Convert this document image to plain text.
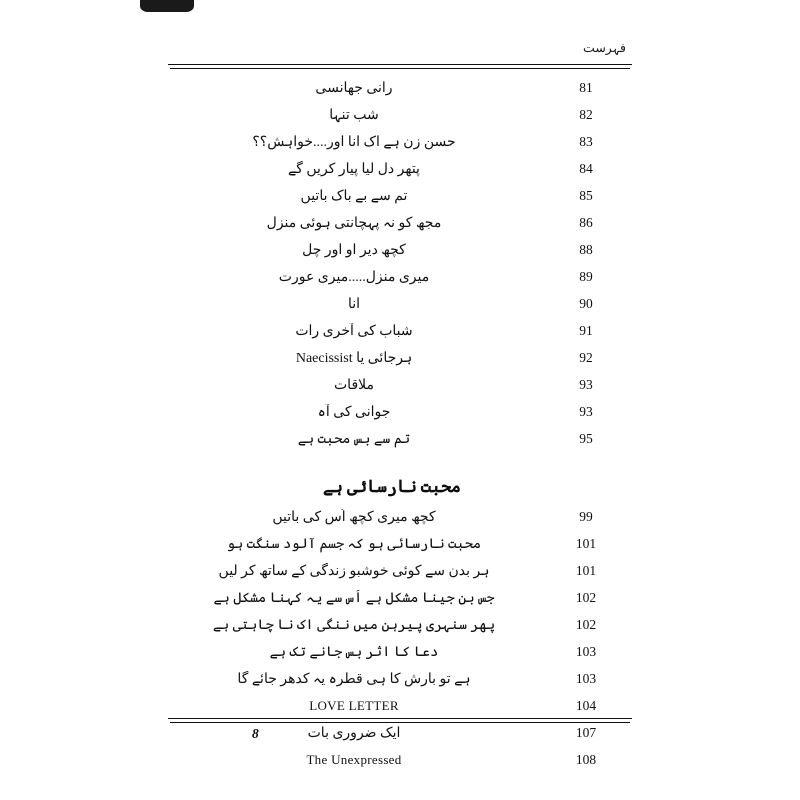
فہرست
81
رانی جھانسی
82
شب تنہا
83
حسن زن ہے اک انا اور....خواہش؟؟
84
پتھر دل لیا پیار کریں گے
85
تم سے بے باک باتیں
86
مجھ کو نہ پہچانتی ہوئی منزل
88
کچھ دیر او اور چل
89
میری منزل.....میری عورت
90
انا
91
شباب کی آخری رات
92
ہرجائی یا Naecissist
93
ملاقات
93
جوانی کی آہ
95
تم سے بس محبت ہے
محبت نارسائی ہے
99
کچھ میری کچھ اُس کی باتیں
101
محبت نارسائی ہو کہ جسم آلود سنگت ہو
101
ہر بدن سے کوئی خوشبو زندگی کے ساتھ کر لیں
102
جس بن جینا مشکل ہے اُس سے یہ کہنا مشکل ہے
102
پھر سنہری پیرہن میں ننگی اک نا چاہتی ہے
103
دعا کا اثر بس جانے تک ہے
103
ہے تو بارش کا ہی قطرہ یہ کدھر جائے گا
104
LOVE LETTER
107
ایک ضروری بات
108
The Unexpressed
8
